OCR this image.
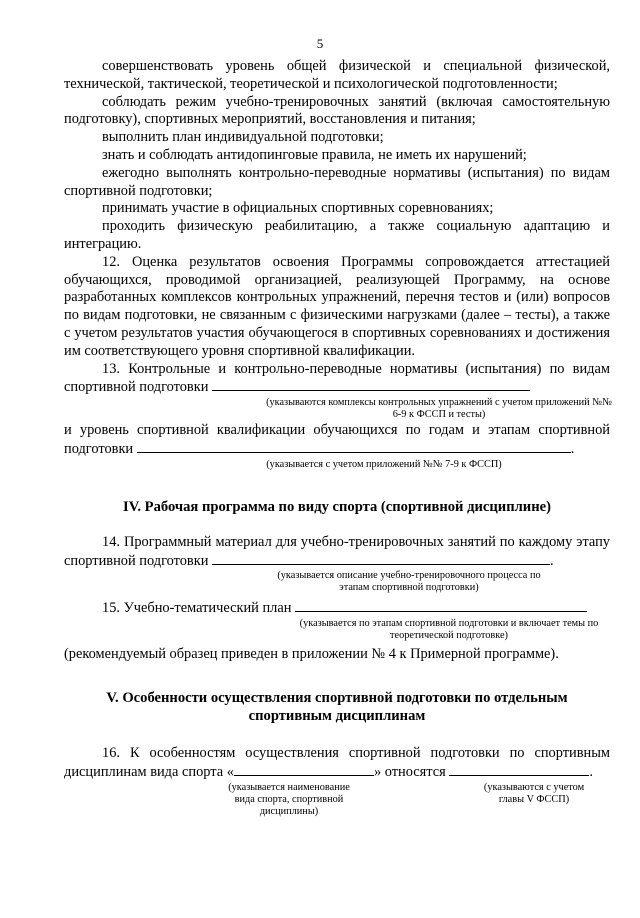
5

совершенствовать уровень общей физической и специальной физической, технической, тактической, теоретической и психологической подготовленности;

соблюдать режим учебно-тренировочных занятий (включая самостоятельную подготовку), спортивных мероприятий, восстановления и питания;

выполнить план индивидуальной подготовки;

знать и соблюдать антидопинговые правила, не иметь их нарушений;

ежегодно выполнять контрольно-переводные нормативы (испытания) по видам спортивной подготовки;

принимать участие в официальных спортивных соревнованиях;

проходить физическую реабилитацию, а также социальную адаптацию и интеграцию.

12. Оценка результатов освоения Программы сопровождается аттестацией обучающихся, проводимой организацией, реализующей Программу, на основе разработанных комплексов контрольных упражнений, перечня тестов и (или) вопросов по видам подготовки, не связанным с физическими нагрузками (далее – тесты), а также с учетом результатов участия обучающегося в спортивных соревнованиях и достижения им соответствующего уровня спортивной квалификации.

13. Контрольные и контрольно-переводные нормативы (испытания) по видам спортивной подготовки

(указываются комплексы контрольных упражнений с учетом приложений №№ 6-9 к ФССП и тесты)

и уровень спортивной квалификации обучающихся по годам и этапам спортивной подготовки	.

(указывается с учетом приложений №№ 7-9 к ФССП)
IV. Рабочая программа по виду спорта (спортивной дисциплине)

14. Программный материал для учебно-тренировочных занятий по каждому этапу спортивной подготовки	.

(указывается описание учебно-тренировочного процесса по этапам спортивной подготовки)

15. Учебно-тематический план

(указывается по этапам спортивной подготовки и включает темы по теоретической подготовке)

(рекомендуемый образец приведен в приложении № 4 к Примерной программе).

V. Особенности осуществления спортивной подготовки по отдельным спортивным дисциплинам

16. К особенностям осуществления спортивной подготовки по спортивным дисциплинам вида спорта «	» относятся	.

(указывается наименование вида спорта, спортивной дисциплины)
(указываются с учетом главы V ФССП)
